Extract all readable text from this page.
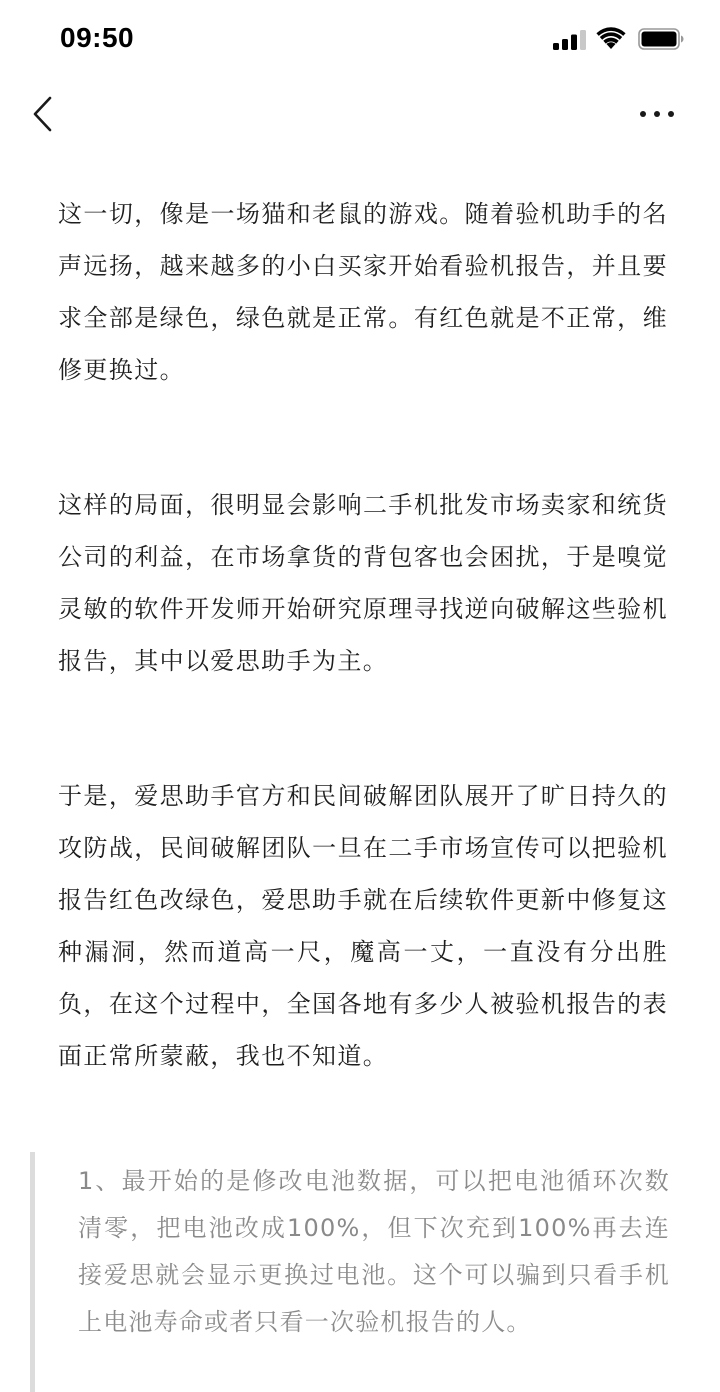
09:50

这一切，像是一场猫和老鼠的游戏。随着验机助手的名声远扬，越来越多的小白买家开始看验机报告，并且要求全部是绿色，绿色就是正常。有红色就是不正常，维修更换过。

这样的局面，很明显会影响二手机批发市场卖家和统货公司的利益，在市场拿货的背包客也会困扰，于是嗅觉灵敏的软件开发师开始研究原理寻找逆向破解这些验机报告，其中以爱思助手为主。

于是，爱思助手官方和民间破解团队展开了旷日持久的攻防战，民间破解团队一旦在二手市场宣传可以把验机报告红色改绿色，爱思助手就在后续软件更新中修复这种漏洞，然而道高一尺，魔高一丈，一直没有分出胜负，在这个过程中，全国各地有多少人被验机报告的表面正常所蒙蔽，我也不知道。

1、最开始的是修改电池数据，可以把电池循环次数清零，把电池改成100%，但下次充到100%再去连接爱思就会显示更换过电池。这个可以骗到只看手机上电池寿命或者只看一次验机报告的人。
